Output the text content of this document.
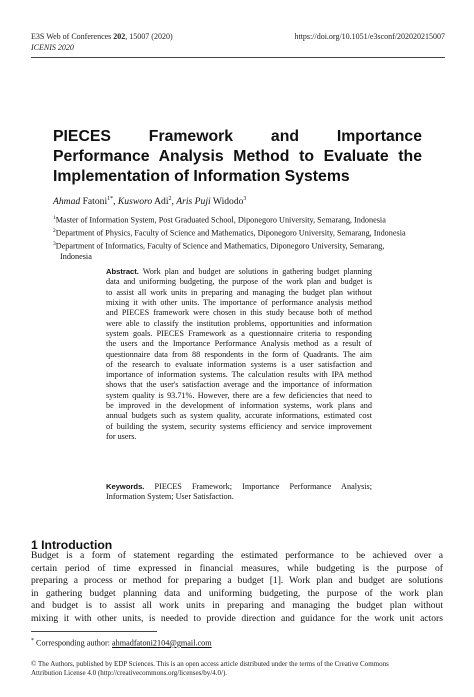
E3S Web of Conferences 202, 15007 (2020)
ICENIS 2020
https://doi.org/10.1051/e3sconf/202020215007
PIECES Framework and Importance
Performance Analysis Method to Evaluate the
Implementation of Information Systems
Ahmad Fatoni$^{1*}$, Kusworo Adi$^2$, Aris Puji Widodo$^3$
$^1$Master of Information System, Post Graduated School, Diponegoro University, Semarang, Indonesia
$^2$Department of Physics, Faculty of Science and Mathematics, Diponegoro University, Semarang, Indonesia
$^3$Department of Informatics, Faculty of Science and Mathematics, Diponegoro University, Semarang,
Indonesia
Abstract. Work plan and budget are solutions in gathering budget planning
data and uniforming budgeting, the purpose of the work plan and budget is
to assist all work units in preparing and managing the budget plan without
mixing it with other units. The importance of performance analysis method
and PIECES framework were chosen in this study because both of method
were able to classify the institution problems, opportunities and information
system goals. PIECES Framework as a questionnaire criteria to responding
the users and the Importance Performance Analysis method as a result of
questionnaire data from 88 respondents in the form of Quadrants. The aim
of the research to evaluate information systems is a user satisfaction and
importance of information systems. The calculation results with IPA method
shows that the user's satisfaction average and the importance of information
system quality is 93.71%. However, there are a few deficiencies that need to
be improved in the development of information systems, work plans and
annual budgets such as system quality, accurate informations, estimated cost
of building the system, security systems efficiency and service improvement
for users.
Keywords. PIECES Framework; Importance Performance Analysis;
Information System; User Satisfaction.
1 Introduction
Budget is a form of statement regarding the estimated performance to be achieved over a
certain period of time expressed in financial measures, while budgeting is the purpose of
preparing a process or method for preparing a budget [1]. Work plan and budget are solutions
in gathering budget planning data and uniforming budgeting, the purpose of the work plan
and budget is to assist all work units in preparing and managing the budget plan without
mixing it with other units, is needed to provide direction and guidance for the work unit actors
* Corresponding author: ahmadfatoni2104@gmail.com
© The Authors, published by EDP Sciences. This is an open access article distributed under the terms of the Creative Commons
Attribution License 4.0 (http://creativecommons.org/licenses/by/4.0/).
